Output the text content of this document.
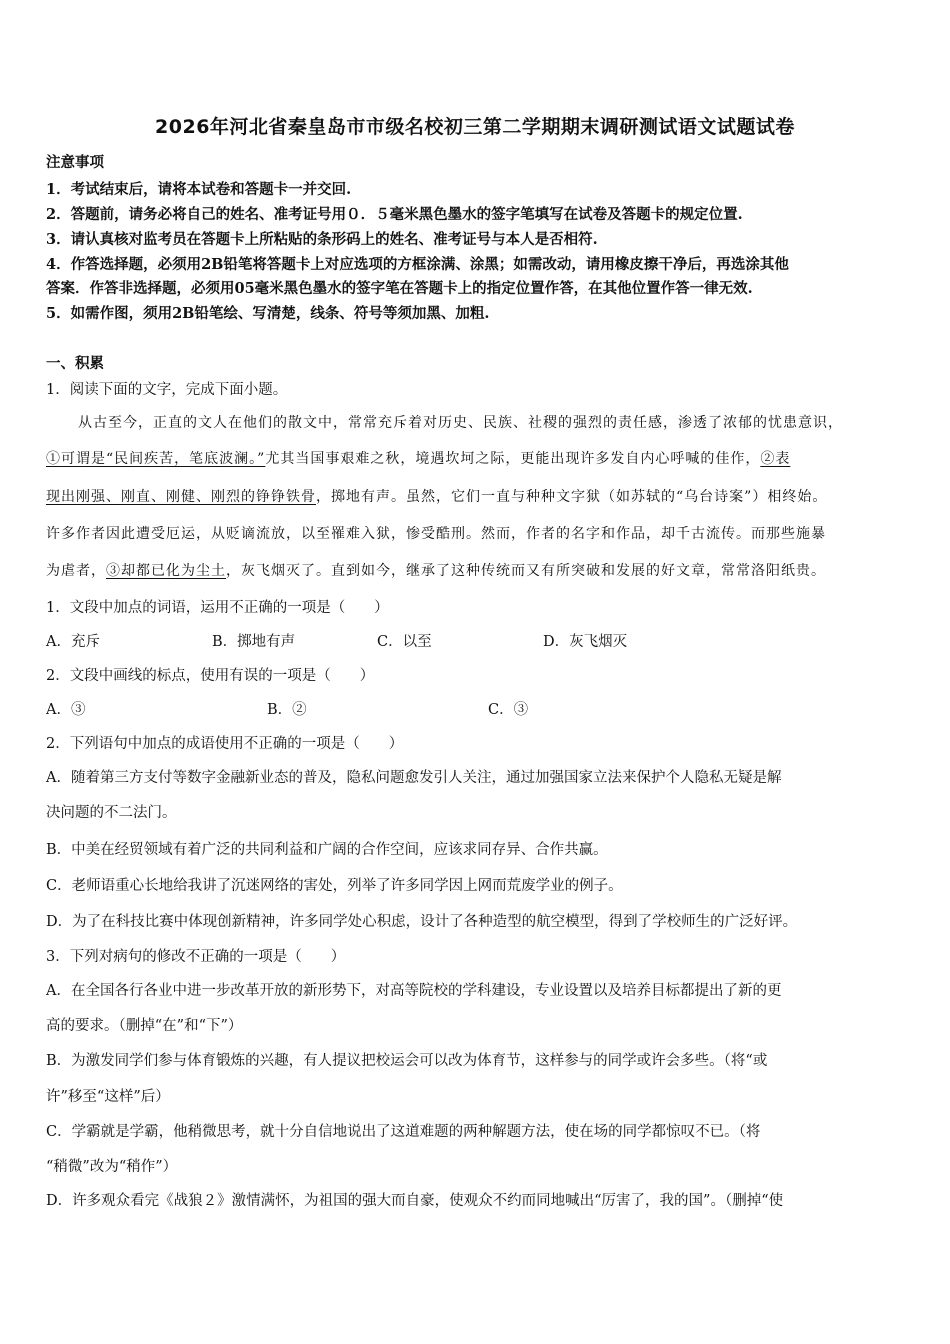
2026年河北省秦皇岛市市级名校初三第二学期期末调研测试语文试题试卷
注意事项
1．考试结束后，请将本试卷和答题卡一并交回.
2．答题前，请务必将自己的姓名、准考证号用０．５毫米黑色墨水的签字笔填写在试卷及答题卡的规定位置.
3．请认真核对监考员在答题卡上所粘贴的条形码上的姓名、准考证号与本人是否相符.
4．作答选择题，必须用2B铅笔将答题卡上对应选项的方框涂满、涂黑；如需改动，请用橡皮擦干净后，再选涂其他
答案．作答非选择题，必须用05毫米黑色墨水的签字笔在答题卡上的指定位置作答，在其他位置作答一律无效.
5．如需作图，须用2B铅笔绘、写清楚，线条、符号等须加黑、加粗.
一、积累
1．阅读下面的文字，完成下面小题。
从古至今，正直的文人在他们的散文中，常常充斥着对历史、民族、社稷的强烈的责任感，渗透了浓郁的忧患意识，
①可谓是“民间疾苦，笔底波澜。”尤其当国事艰难之秋，境遇坎坷之际，更能出现许多发自内心呼喊的佳作，②表
现出刚强、刚直、刚健、刚烈的铮铮铁骨，掷地有声。虽然，它们一直与种种文字狱（如苏轼的“乌台诗案”）相终始。
许多作者因此遭受厄运，从贬谪流放，以至罹难入狱，惨受酷刑。然而，作者的名字和作品，却千古流传。而那些施暴
为虐者，③却都已化为尘土，灰飞烟灭了。直到如今，继承了这种传统而又有所突破和发展的好文章，常常洛阳纸贵。
1．文段中加点的词语，运用不正确的一项是（　　）
A．充斥	B．掷地有声	C．以至	D．灰飞烟灭
2．文段中画线的标点，使用有误的一项是（　　）
A．③	B．②	C．③
2．下列语句中加点的成语使用不正确的一项是（　　）
A．随着第三方支付等数字金融新业态的普及，隐私问题愈发引人关注，通过加强国家立法来保护个人隐私无疑是解
决问题的不二法门。
B．中美在经贸领域有着广泛的共同利益和广阔的合作空间，应该求同存异、合作共赢。
C．老师语重心长地给我讲了沉迷网络的害处，列举了许多同学因上网而荒废学业的例子。
D．为了在科技比赛中体现创新精神，许多同学处心积虑，设计了各种造型的航空模型，得到了学校师生的广泛好评。
3．下列对病句的修改不正确的一项是（　　）
A．在全国各行各业中进一步改革开放的新形势下，对高等院校的学科建设，专业设置以及培养目标都提出了新的更
高的要求。（删掉“在”和“下”）
B．为激发同学们参与体育锻炼的兴趣，有人提议把校运会可以改为体育节，这样参与的同学或许会多些。（将“或
许”移至“这样”后）
C．学霸就是学霸，他稍微思考，就十分自信地说出了这道难题的两种解题方法，使在场的同学都惊叹不已。（将
“稍微”改为“稍作”）
D．许多观众看完《战狼２》激情满怀，为祖国的强大而自豪，使观众不约而同地喊出“厉害了，我的国”。（删掉“使
